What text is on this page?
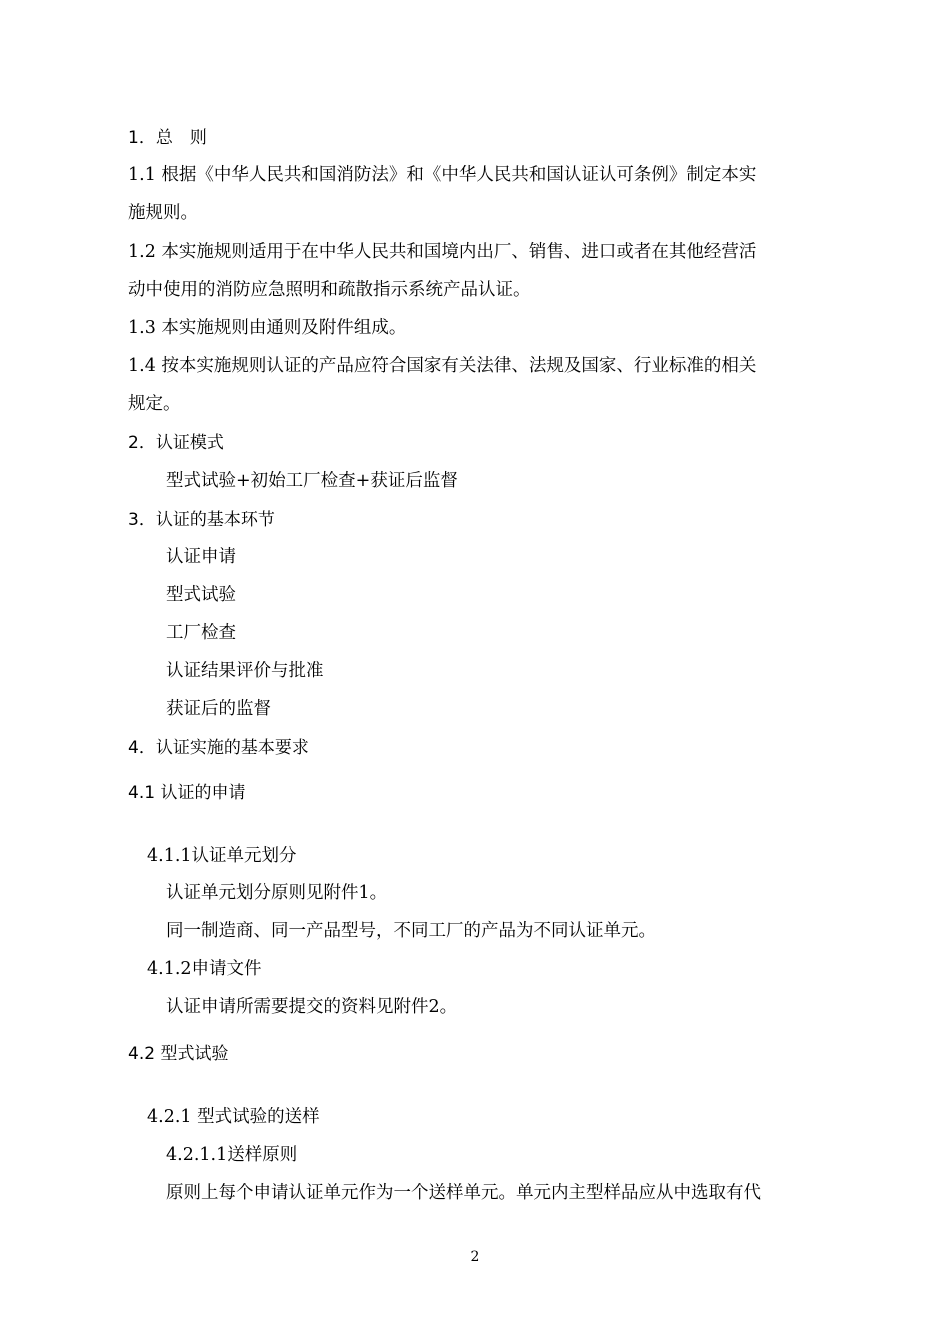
1．总　则
1.1 根据《中华人民共和国消防法》和《中华人民共和国认证认可条例》制定本实
施规则。
1.2 本实施规则适用于在中华人民共和国境内出厂、销售、进口或者在其他经营活
动中使用的消防应急照明和疏散指示系统产品认证。
1.3 本实施规则由通则及附件组成。
1.4 按本实施规则认证的产品应符合国家有关法律、法规及国家、行业标准的相关
规定。
2．认证模式
型式试验+初始工厂检查+获证后监督
3．认证的基本环节
认证申请
型式试验
工厂检查
认证结果评价与批准
获证后的监督
4．认证实施的基本要求
4.1 认证的申请
4.1.1认证单元划分
认证单元划分原则见附件1。
同一制造商、同一产品型号，不同工厂的产品为不同认证单元。
4.1.2申请文件
认证申请所需要提交的资料见附件2。
4.2 型式试验
4.2.1 型式试验的送样
4.2.1.1送样原则
原则上每个申请认证单元作为一个送样单元。单元内主型样品应从中选取有代
2
